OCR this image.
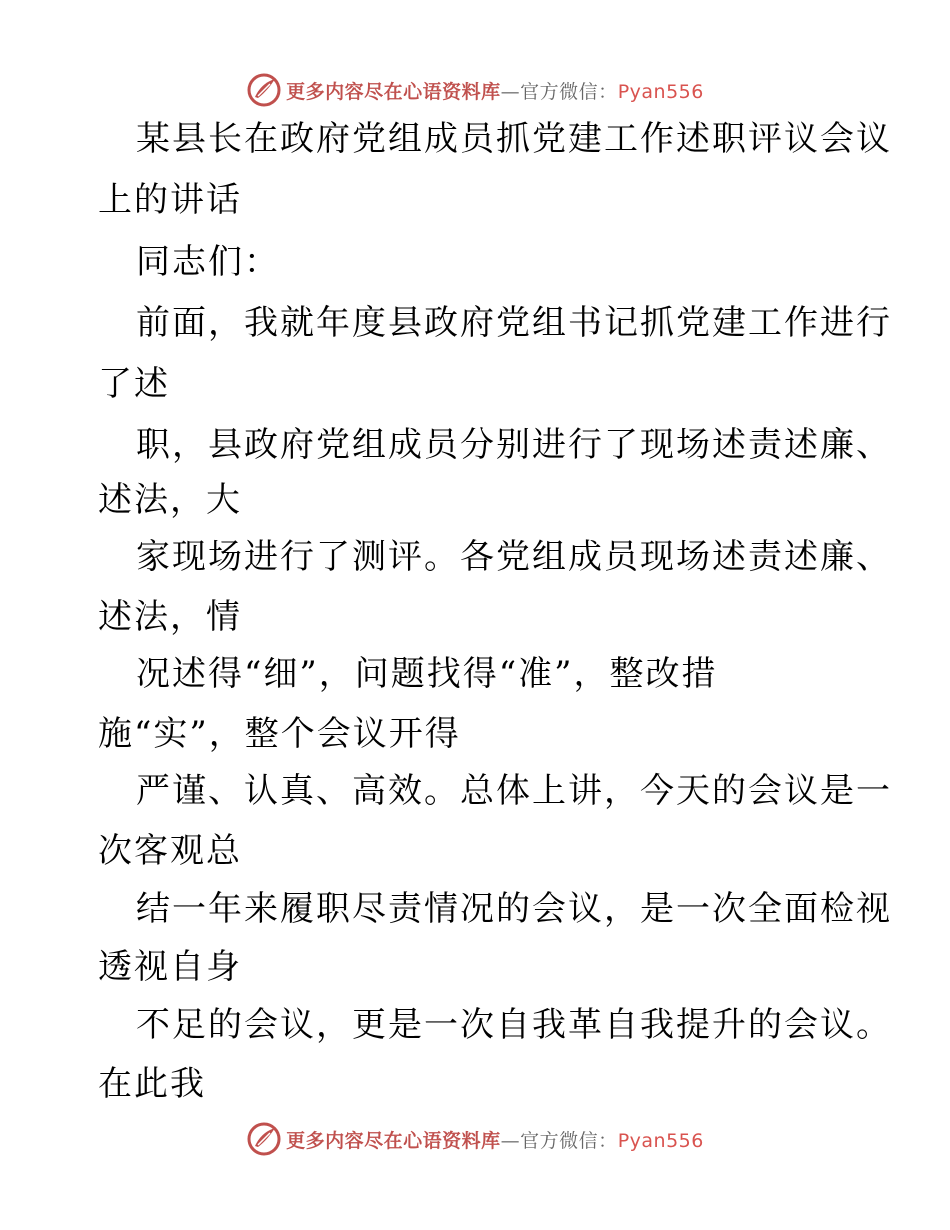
更多内容尽在心语资料库—官方微信：Pyan556
某县长在政府党组成员抓党建工作述职评议会议
上的讲话
同志们：
前面，我就年度县政府党组书记抓党建工作进行
了述
职，县政府党组成员分别进行了现场述责述廉、
述法，大
家现场进行了测评。各党组成员现场述责述廉、
述法，情
况述得“细”，问题找得“准”，整改措
施“实”，整个会议开得
严谨、认真、高效。总体上讲，今天的会议是一
次客观总
结一年来履职尽责情况的会议，是一次全面检视
透视自身
不足的会议，更是一次自我革自我提升的会议。
在此我
更多内容尽在心语资料库—官方微信：Pyan556
